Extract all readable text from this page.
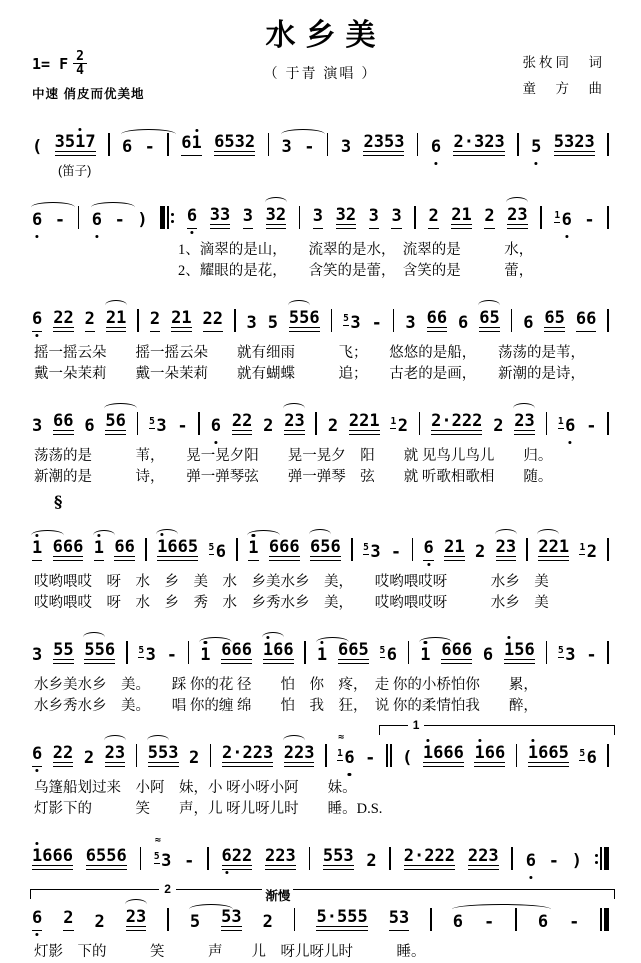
水乡美
（ 于青 演唱 ）
张枚同　词
童　方　曲
1= F $\frac{2}{4}$
中速 俏皮而优美地
( 3517 6 - 61 6532 3 - 3 2353 6 2·323 5 5323
(笛子)
6 - 6 - ) 6 33 3 32 3 32 3 3 2 21 2 23	$^1$6 -
1、滴翠的是山，　　流翠的是水，　流翠的是　　　水，
2、耀眼的是花，　　含笑的是蕾，　含笑的是　　　蕾，
6 22 2 21 2 21 22 3 5 556 $^5$3 - 3 66 6 65 6 65 66
摇一摇云朵　　摇一摇云朵　　就有细雨　　　飞；　　悠悠的是船，　　荡荡的是苇，
戴一朵茉莉　　戴一朵茉莉　　就有蝴蝶　　　追；　　古老的是画，　　新潮的是诗，
3 66 6 56 $^5$3 - 6 22 2 23 2 221 $^1$2 2·222 2 23 $^1$6 -
荡荡的是　　　苇，　　晃一晃夕阳　　晃一晃夕　阳　　就 见鸟儿鸟儿　　归。
新潮的是　　　诗，　　弹一弹琴弦　　弹一弹琴　弦　　就 听歌相歌相　　随。
§
1 666 1 66 1665 $^5$6 1 666 656 $^5$3 - 6 21 2 23 221 $^1$2
哎哟喂哎　呀　水　乡　美　水　乡美水乡　美，　　哎哟喂哎呀　　　水乡　美
哎哟喂哎　呀　水　乡　秀　水　乡秀水乡　美，　　哎哟喂哎呀　　　水乡　美
3 55 556 $^5$3 - 1 666 166 1 665 $^5$6 1 666 6 156 $^5$3 -
水乡美水乡　美。　　踩 你的花 径　　怕　你　疼，　走 你的小桥怕你　　累，
水乡秀水乡　美。　　唱 你的缠 绵　　怕　我　狂，　说 你的柔情怕我　　醉，
1
6 22 2 23 553 2 2·223 223
≈
$^1$6 - ( 1666 166 1665 $^5$6
乌篷船划过来　小阿　妹，小 呀小呀小阿　　妹。
灯影下的　　　笑　　声，儿 呀儿呀儿时　　睡。D.S.
1666 6556
≈
$^5$3 - 622 223 553 2 2·222 223 6 - )
2	渐慢
6 2 2 23	5 53 2	5·555 53	6 -	6 -
灯影　下的　　　笑　　　声　　儿　呀儿呀儿时　　　睡。
